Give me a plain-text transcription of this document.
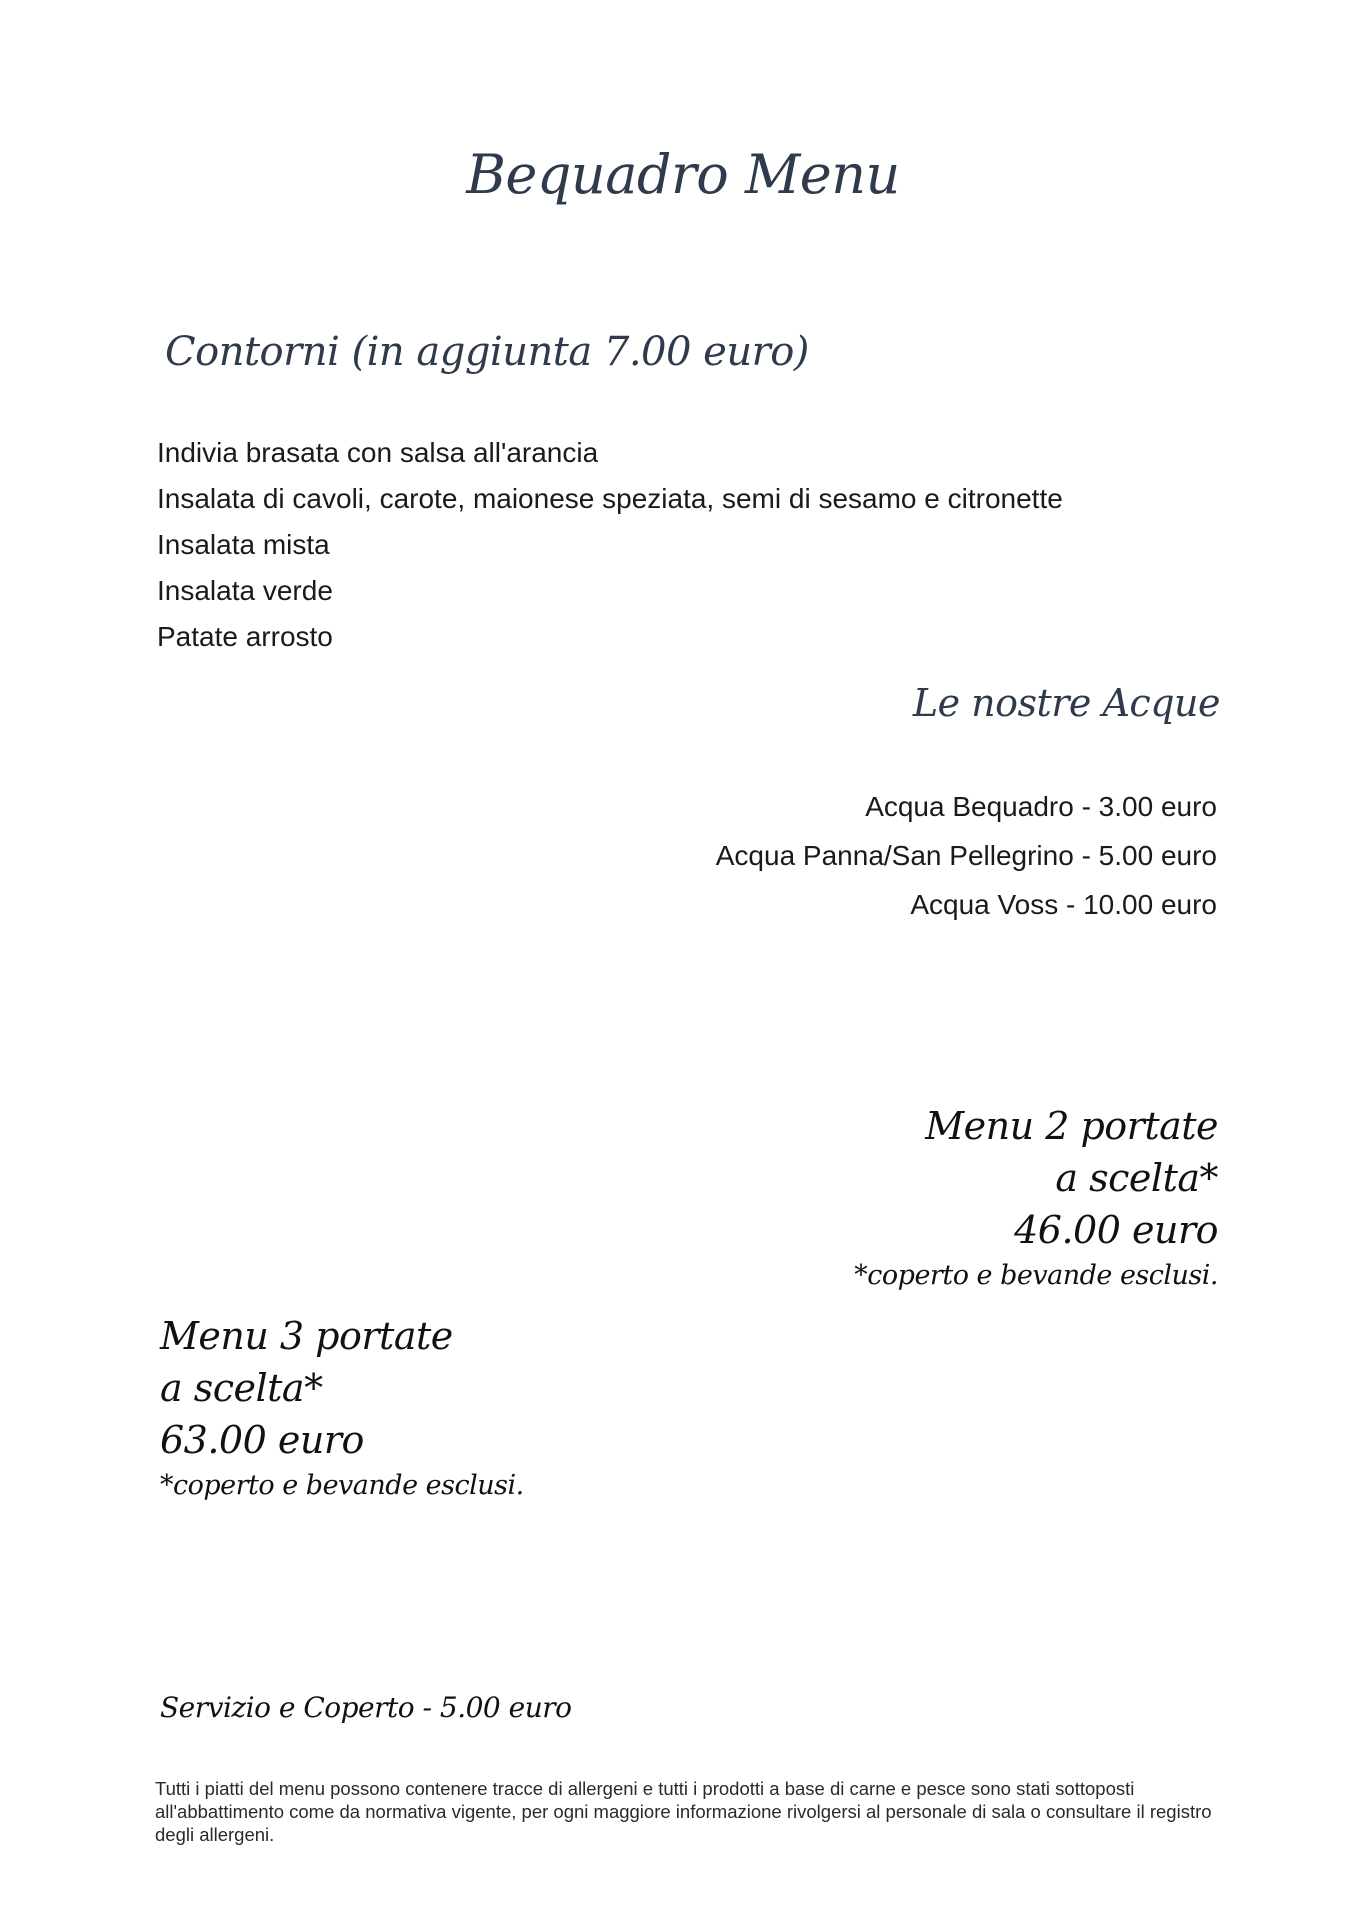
Bequadro Menu
Contorni (in aggiunta 7.00 euro)
Indivia brasata con salsa all'arancia
Insalata di cavoli, carote, maionese speziata, semi di sesamo e citronette
Insalata mista
Insalata verde
Patate arrosto
Le nostre Acque
Acqua Bequadro - 3.00 euro
Acqua Panna/San Pellegrino - 5.00 euro
Acqua Voss - 10.00 euro
Menu 2 portate
a scelta*
46.00 euro
*coperto e bevande esclusi.
Menu 3 portate
a scelta*
63.00 euro
*coperto e bevande esclusi.
Servizio e Coperto - 5.00 euro

Tutti i piatti del menu possono contenere tracce di allergeni e tutti i prodotti a base di carne e pesce sono stati sottoposti all'abbattimento come da normativa vigente, per ogni maggiore informazione rivolgersi al personale di sala o consultare il registro degli allergeni.
